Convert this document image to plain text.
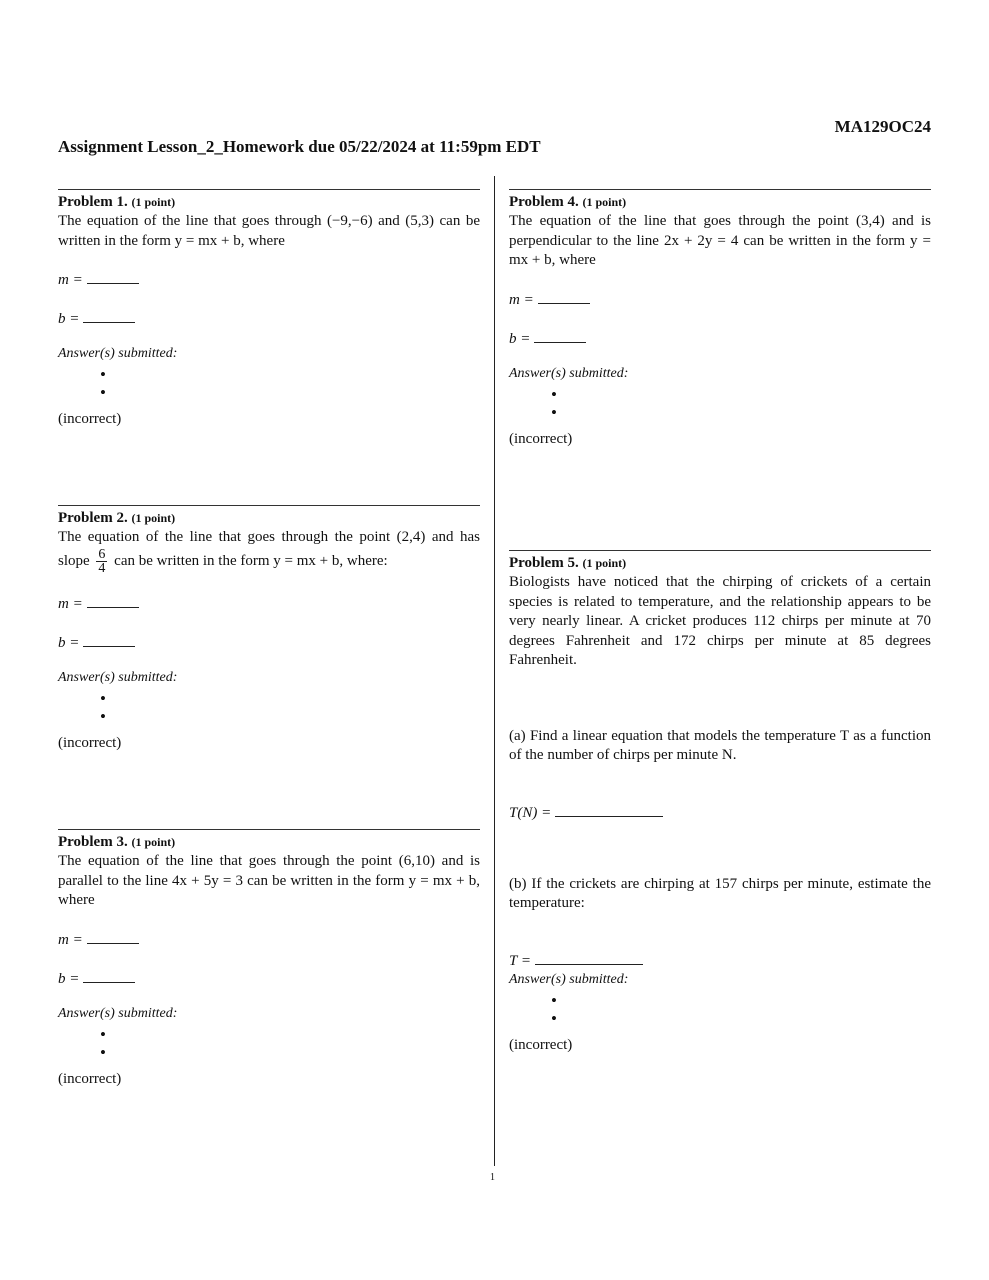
MA129OC24
Assignment Lesson_2_Homework due 05/22/2024 at 11:59pm EDT
Problem 1. (1 point)
The equation of the line that goes through (−9,−6) and (5,3) can be written in the form y = mx + b, where
m =
b =
Answer(s) submitted:
•
•
(incorrect)
Problem 2. (1 point)
The equation of the line that goes through the point (2,4) and has slope $\frac{6}{4}$ can be written in the form y = mx + b, where:
m =
b =
Answer(s) submitted:
•
•
(incorrect)
Problem 3. (1 point)
The equation of the line that goes through the point (6,10) and is parallel to the line 4x + 5y = 3 can be written in the form y = mx + b, where
m =
b =
Answer(s) submitted:
•
•
(incorrect)
Problem 4. (1 point)
The equation of the line that goes through the point (3,4) and is perpendicular to the line 2x + 2y = 4 can be written in the form y = mx + b, where
m =
b =
Answer(s) submitted:
•
•
(incorrect)
Problem 5. (1 point)
Biologists have noticed that the chirping of crickets of a certain species is related to temperature, and the relationship appears to be very nearly linear. A cricket produces 112 chirps per minute at 70 degrees Fahrenheit and 172 chirps per minute at 85 degrees Fahrenheit.
(a) Find a linear equation that models the temperature T as a function of the number of chirps per minute N.
T(N) =
(b) If the crickets are chirping at 157 chirps per minute, estimate the temperature:
T =
Answer(s) submitted:
•
•
(incorrect)
1
